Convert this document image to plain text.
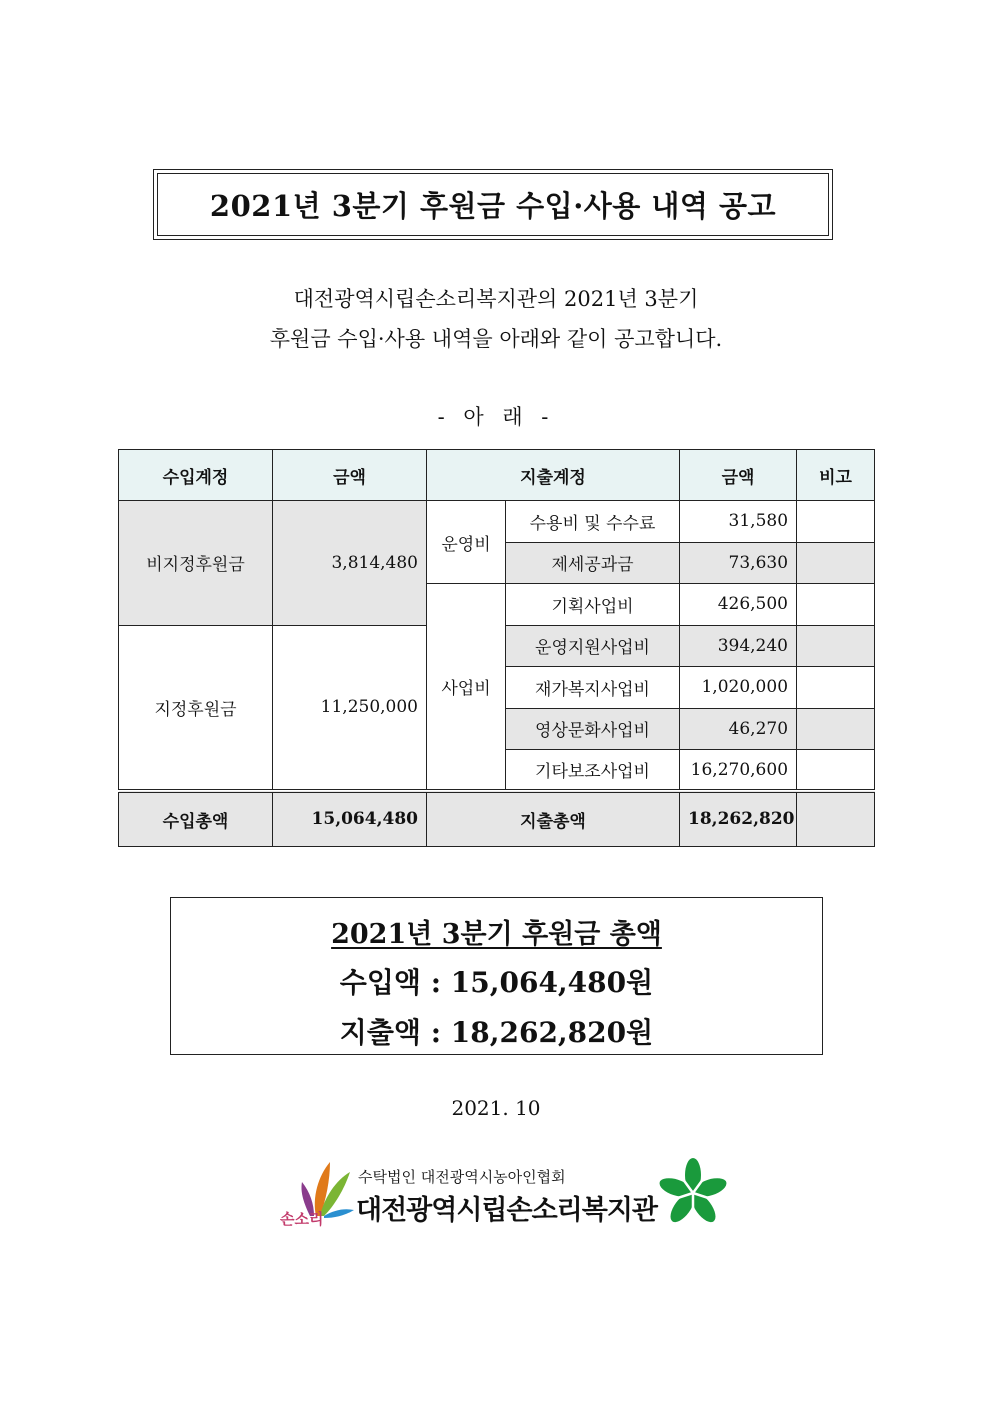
2021년 3분기 후원금 수입·사용 내역 공고
대전광역시립손소리복지관의 2021년 3분기
후원금 수입·사용 내역을 아래와 같이 공고합니다.
- 아 래 -
수입계정	금액	지출계정		금액	비고
비지정후원금	3,814,480	운영비	수용비 및 수수료	31,580	
			제세공과금	73,630	
		사업비	기획사업비	426,500	
지정후원금	11,250,000		운영지원사업비	394,240	
			재가복지사업비	1,020,000	
			영상문화사업비	46,270	
			기타보조사업비	16,270,600	
수입총액	15,064,480	지출총액		18,262,820	
2021년 3분기 후원금 총액
수입액 : 15,064,480원
지출액 : 18,262,820원
2021. 10
손소리
수탁법인 대전광역시농아인협회
대전광역시립손소리복지관
